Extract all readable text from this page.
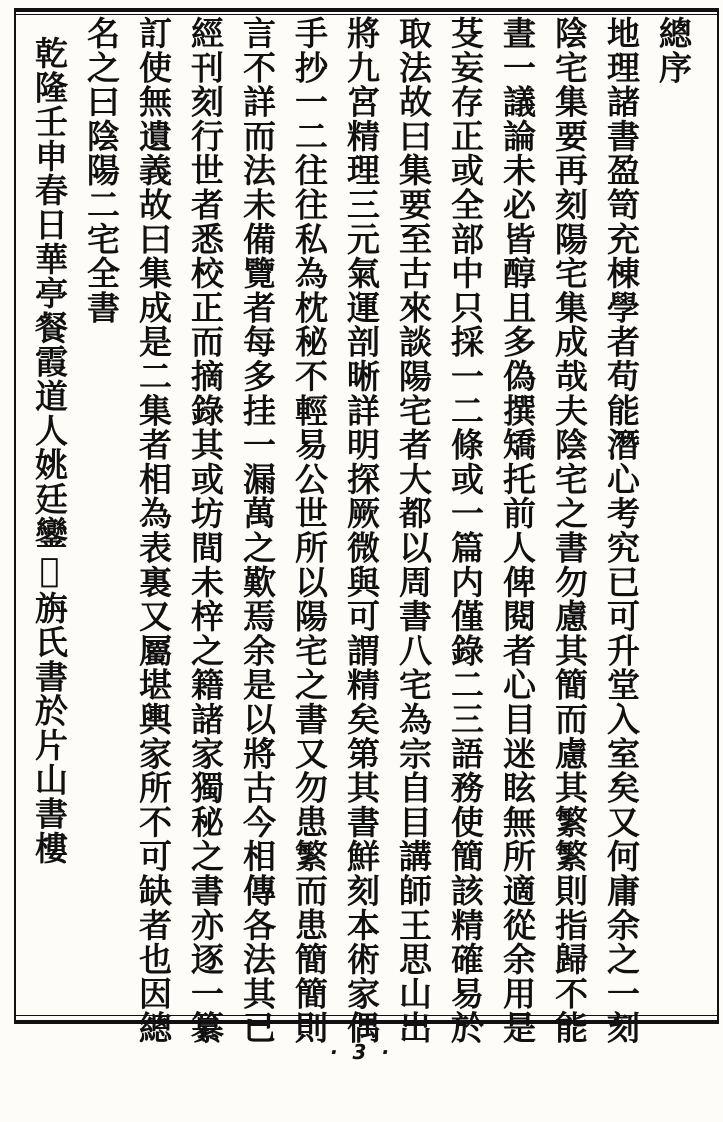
總序
地理諸書盈笥充棟學者苟能潛心考究已可升堂入室矣又何庸余之一刻
陰宅集要再刻陽宅集成哉夫陰宅之書勿慮其簡而慮其繁繁則指歸不能
晝一議論未必皆醇且多偽撰矯托前人俾閱者心目迷眩無所適從余用是
芟妄存正或全部中只採一二條或一篇内僅錄二三語務使簡該精確易於
取法故曰集要至古來談陽宅者大都以周書八宅為宗自目講師王思山出
將九宮精理三元氣運剖晰詳明探厥微與可謂精矣第其書鮮刻本術家偶
手抄一二往往私為枕秘不輕易公世所以陽宅之書又勿患繁而患簡簡則
言不詳而法未備覽者每多挂一漏萬之歎焉余是以將古今相傳各法其已
經刊刻行世者悉校正而摘錄其或坊間未梓之籍諸家獨秘之書亦逐一纂
訂使無遺義故曰集成是二集者相為表裏又屬堪輿家所不可缺者也因總
名之曰陰陽二宅全書
乾隆壬申春日華亭餐霞道人姚廷鑾𤄮旃氏書於片山書樓
· 3 ·
